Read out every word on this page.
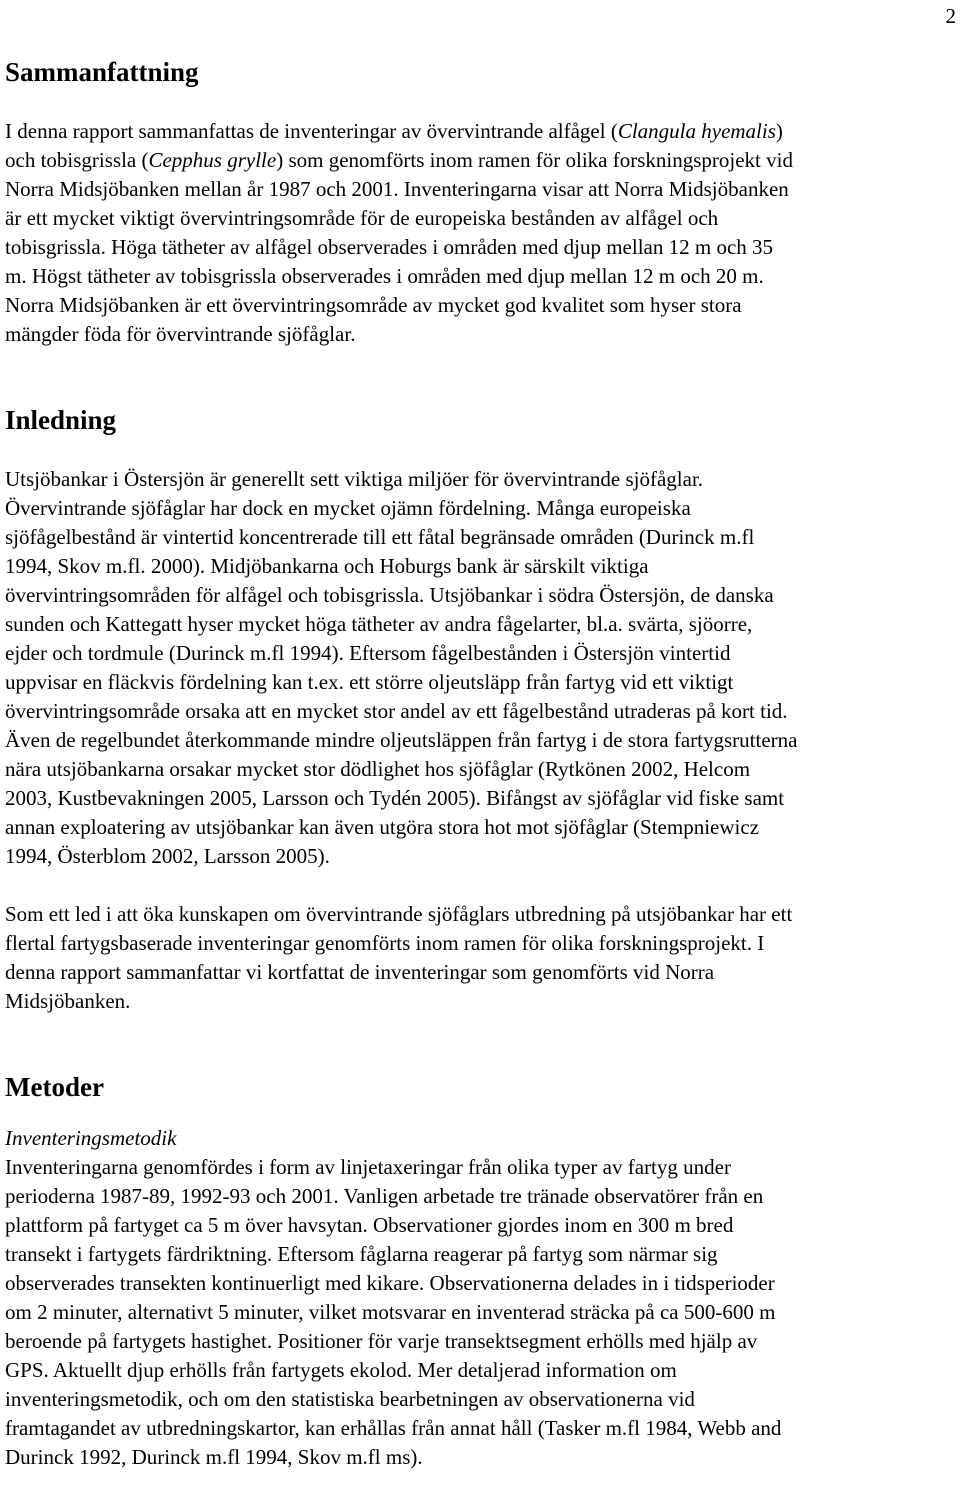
2
Sammanfattning

I denna rapport sammanfattas de inventeringar av övervintrande alfågel (Clangula hyemalis)
och tobisgrissla (Cepphus grylle) som genomförts inom ramen för olika forskningsprojekt vid
Norra Midsjöbanken mellan år 1987 och 2001. Inventeringarna visar att Norra Midsjöbanken
är ett mycket viktigt övervintringsområde för de europeiska bestånden av alfågel och
tobisgrissla. Höga tätheter av alfågel observerades i områden med djup mellan 12 m och 35
m. Högst tätheter av tobisgrissla observerades i områden med djup mellan 12 m och 20 m.
Norra Midsjöbanken är ett övervintringsområde av mycket god kvalitet som hyser stora
mängder föda för övervintrande sjöfåglar.

Inledning

Utsjöbankar i Östersjön är generellt sett viktiga miljöer för övervintrande sjöfåglar.
Övervintrande sjöfåglar har dock en mycket ojämn fördelning. Många europeiska
sjöfågelbestånd är vintertid koncentrerade till ett fåtal begränsade områden (Durinck m.fl
1994, Skov m.fl. 2000). Midjöbankarna och Hoburgs bank är särskilt viktiga
övervintringsområden för alfågel och tobisgrissla. Utsjöbankar i södra Östersjön, de danska
sunden och Kattegatt hyser mycket höga tätheter av andra fågelarter, bl.a. svärta, sjöorre,
ejder och tordmule (Durinck m.fl 1994). Eftersom fågelbestånden i Östersjön vintertid
uppvisar en fläckvis fördelning kan t.ex. ett större oljeutsläpp från fartyg vid ett viktigt
övervintringsområde orsaka att en mycket stor andel av ett fågelbestånd utraderas på kort tid.
Även de regelbundet återkommande mindre oljeutsläppen från fartyg i de stora fartygsrutterna
nära utsjöbankarna orsakar mycket stor dödlighet hos sjöfåglar (Rytkönen 2002, Helcom
2003, Kustbevakningen 2005, Larsson och Tydén 2005). Bifångst av sjöfåglar vid fiske samt
annan exploatering av utsjöbankar kan även utgöra stora hot mot sjöfåglar (Stempniewicz
1994, Österblom 2002, Larsson 2005).

Som ett led i att öka kunskapen om övervintrande sjöfåglars utbredning på utsjöbankar har ett
flertal fartygsbaserade inventeringar genomförts inom ramen för olika forskningsprojekt. I
denna rapport sammanfattar vi kortfattat de inventeringar som genomförts vid Norra
Midsjöbanken.

Metoder
Inventeringsmetodik

Inventeringarna genomfördes i form av linjetaxeringar från olika typer av fartyg under
perioderna 1987-89, 1992-93 och 2001. Vanligen arbetade tre tränade observatörer från en
plattform på fartyget ca 5 m över havsytan. Observationer gjordes inom en 300 m bred
transekt i fartygets färdriktning. Eftersom fåglarna reagerar på fartyg som närmar sig
observerades transekten kontinuerligt med kikare. Observationerna delades in i tidsperioder
om 2 minuter, alternativt 5 minuter, vilket motsvarar en inventerad sträcka på ca 500-600 m
beroende på fartygets hastighet. Positioner för varje transektsegment erhölls med hjälp av
GPS. Aktuellt djup erhölls från fartygets ekolod. Mer detaljerad information om
inventeringsmetodik, och om den statistiska bearbetningen av observationerna vid
framtagandet av utbredningskartor, kan erhållas från annat håll (Tasker m.fl 1984, Webb and
Durinck 1992, Durinck m.fl 1994, Skov m.fl ms).
